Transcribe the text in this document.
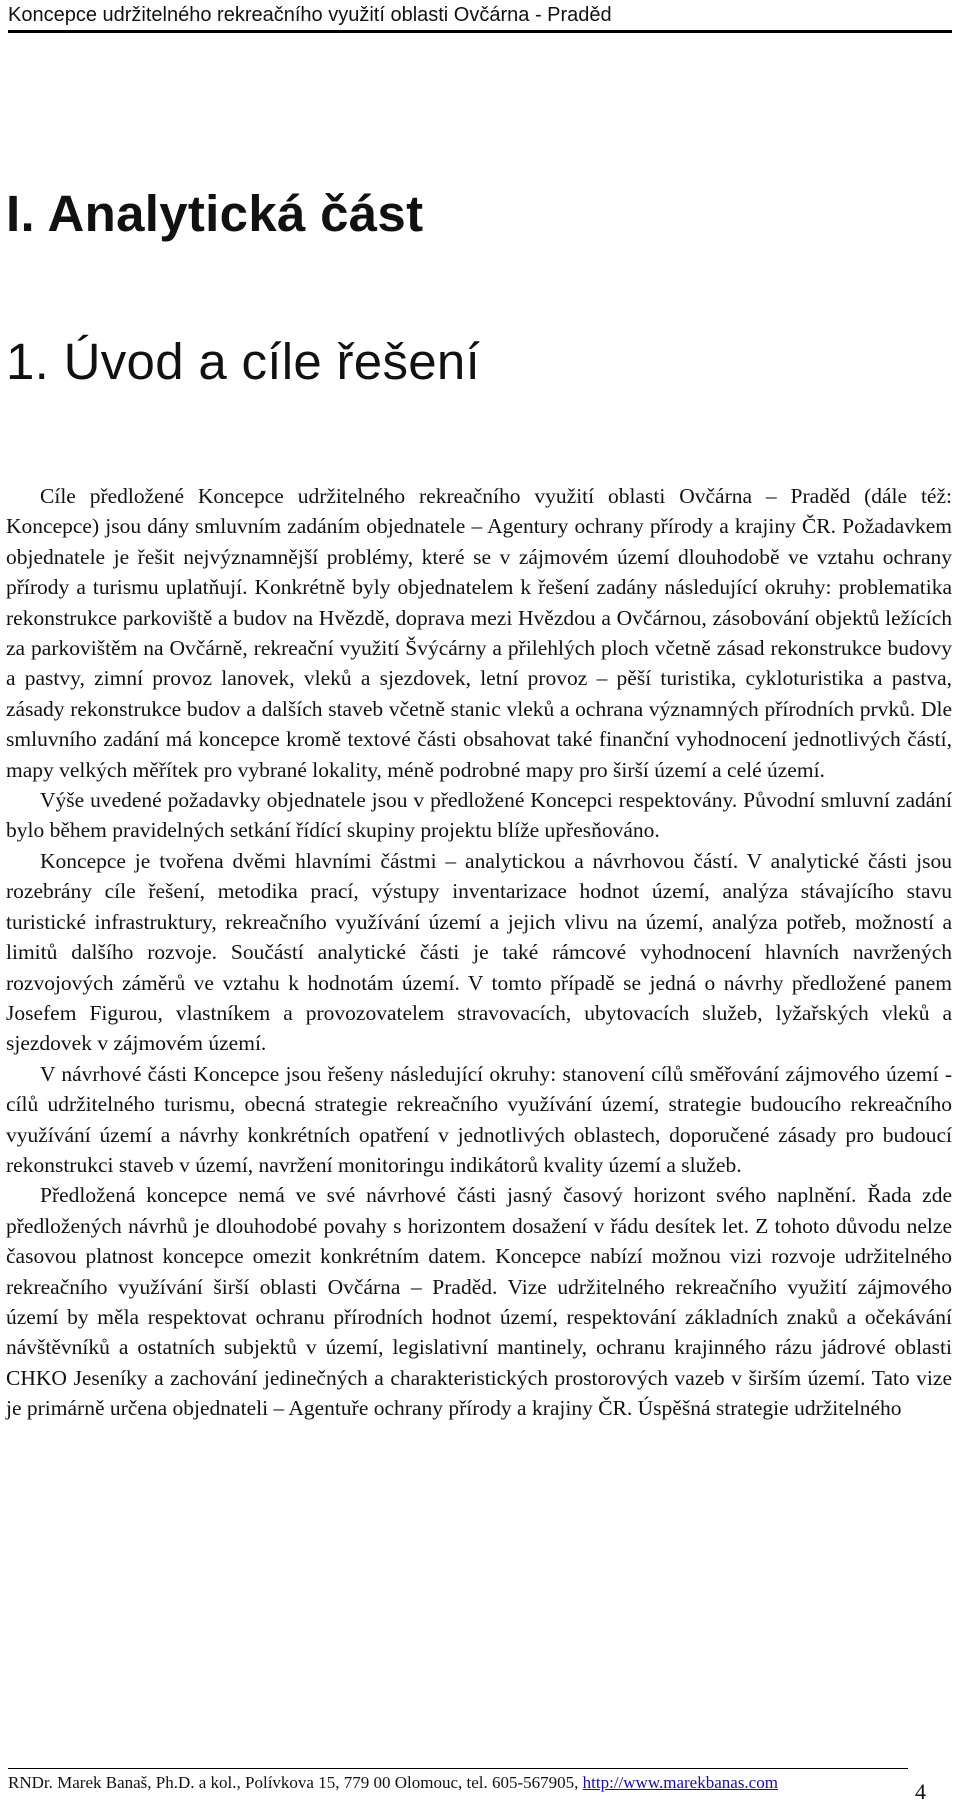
Koncepce udržitelného rekreačního využití oblasti Ovčárna - Praděd
I. Analytická část
1. Úvod a cíle řešení

Cíle předložené Koncepce udržitelného rekreačního využití oblasti Ovčárna – Praděd (dále též: Koncepce) jsou dány smluvním zadáním objednatele – Agentury ochrany přírody a krajiny ČR. Požadavkem objednatele je řešit nejvýznamnější problémy, které se v zájmovém území dlouhodobě ve vztahu ochrany přírody a turismu uplatňují. Konkrétně byly objednatelem k řešení zadány následující okruhy: problematika rekonstrukce parkoviště a budov na Hvězdě, doprava mezi Hvězdou a Ovčárnou, zásobování objektů ležících za parkovištěm na Ovčárně, rekreační využití Švýcárny a přilehlých ploch včetně zásad rekonstrukce budovy a pastvy, zimní provoz lanovek, vleků a sjezdovek, letní provoz – pěší turistika, cykloturistika a pastva, zásady rekonstrukce budov a dalších staveb včetně stanic vleků a ochrana významných přírodních prvků. Dle smluvního zadání má koncepce kromě textové části obsahovat také finanční vyhodnocení jednotlivých částí, mapy velkých měřítek pro vybrané lokality, méně podrobné mapy pro širší území a celé území.

Výše uvedené požadavky objednatele jsou v předložené Koncepci respektovány. Původní smluvní zadání bylo během pravidelných setkání řídící skupiny projektu blíže upřesňováno.

Koncepce je tvořena dvěmi hlavními částmi – analytickou a návrhovou částí. V analytické části jsou rozebrány cíle řešení, metodika prací, výstupy inventarizace hodnot území, analýza stávajícího stavu turistické infrastruktury, rekreačního využívání území a jejich vlivu na území, analýza potřeb, možností a limitů dalšího rozvoje. Součástí analytické části je také rámcové vyhodnocení hlavních navržených rozvojových záměrů ve vztahu k hodnotám území. V tomto případě se jedná o návrhy předložené panem Josefem Figurou, vlastníkem a provozovatelem stravovacích, ubytovacích služeb, lyžařských vleků a sjezdovek v zájmovém území.

V návrhové části Koncepce jsou řešeny následující okruhy: stanovení cílů směřování zájmového území - cílů udržitelného turismu, obecná strategie rekreačního využívání území, strategie budoucího rekreačního využívání území a návrhy konkrétních opatření v jednotlivých oblastech, doporučené zásady pro budoucí rekonstrukci staveb v území, navržení monitoringu indikátorů kvality území a služeb.

Předložená koncepce nemá ve své návrhové části jasný časový horizont svého naplnění. Řada zde předložených návrhů je dlouhodobé povahy s horizontem dosažení v řádu desítek let. Z tohoto důvodu nelze časovou platnost koncepce omezit konkrétním datem. Koncepce nabízí možnou vizi rozvoje udržitelného rekreačního využívání širší oblasti Ovčárna – Praděd. Vize udržitelného rekreačního využití zájmového území by měla respektovat ochranu přírodních hodnot území, respektování základních znaků a očekávání návštěvníků a ostatních subjektů v území, legislativní mantinely, ochranu krajinného rázu jádrové oblasti CHKO Jeseníky a zachování jedinečných a charakteristických prostorových vazeb v širším území. Tato vize je primárně určena objednateli – Agentuře ochrany přírody a krajiny ČR. Úspěšná strategie udržitelného

RNDr. Marek Banaš, Ph.D. a kol., Polívkova 15, 779 00 Olomouc, tel. 605-567905, http://www.marekbanas.com	4
